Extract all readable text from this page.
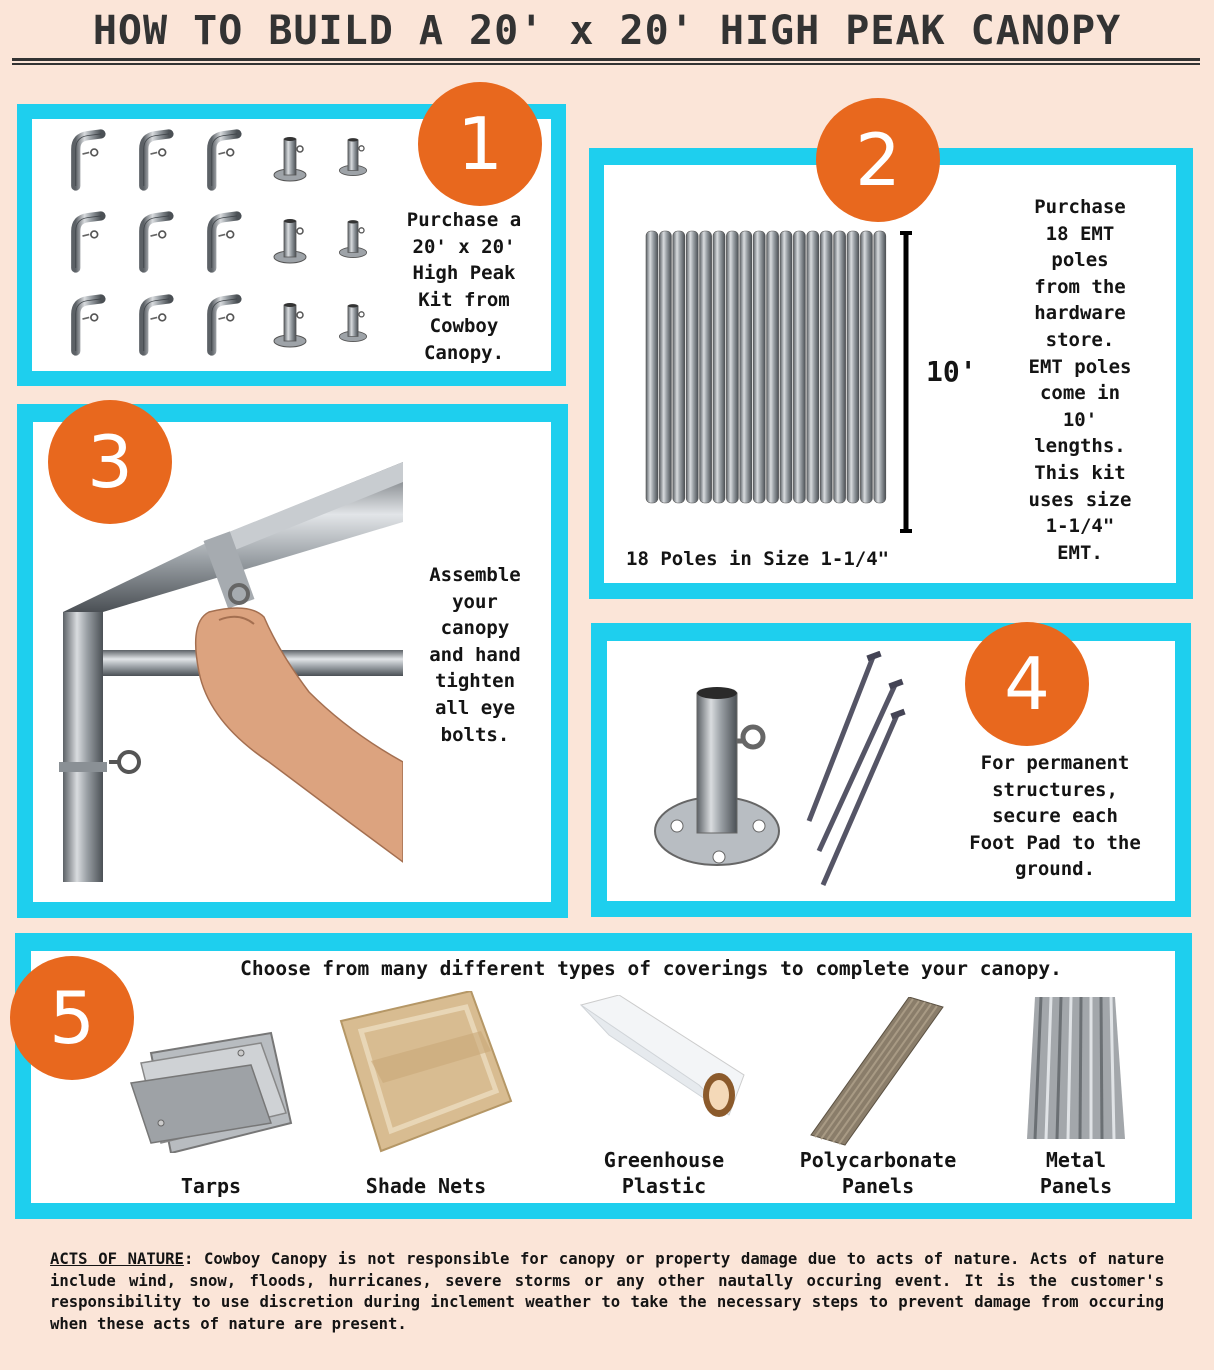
HOW TO BUILD A 20' x 20' HIGH PEAK CANOPY
Purchase a
20' x 20'
High Peak
Kit from
Cowboy
Canopy.
1
10'
18 Poles in Size 1-1/4"
Purchase
18 EMT
poles
from the
hardware
store.
EMT poles
come in
10'
lengths.
This kit
uses size
1-1/4"
EMT.
2
Assemble
your
canopy
and hand
tighten
all eye
bolts.
3
For permanent
structures,
secure each
Foot Pad to the
ground.
4
Choose from many different types of coverings to complete your canopy.
Tarps	Shade Nets
Greenhouse
Plastic
Polycarbonate
Panels
Metal
Panels
5
ACTS OF NATURE: Cowboy Canopy is not responsible for canopy or property damage due to acts of nature. Acts of nature include wind, snow, floods, hurricanes, severe storms or any other nautally occuring event. It is the customer's responsibility to use discretion during inclement weather to take the necessary steps to prevent damage from occuring when these acts of nature are present.
